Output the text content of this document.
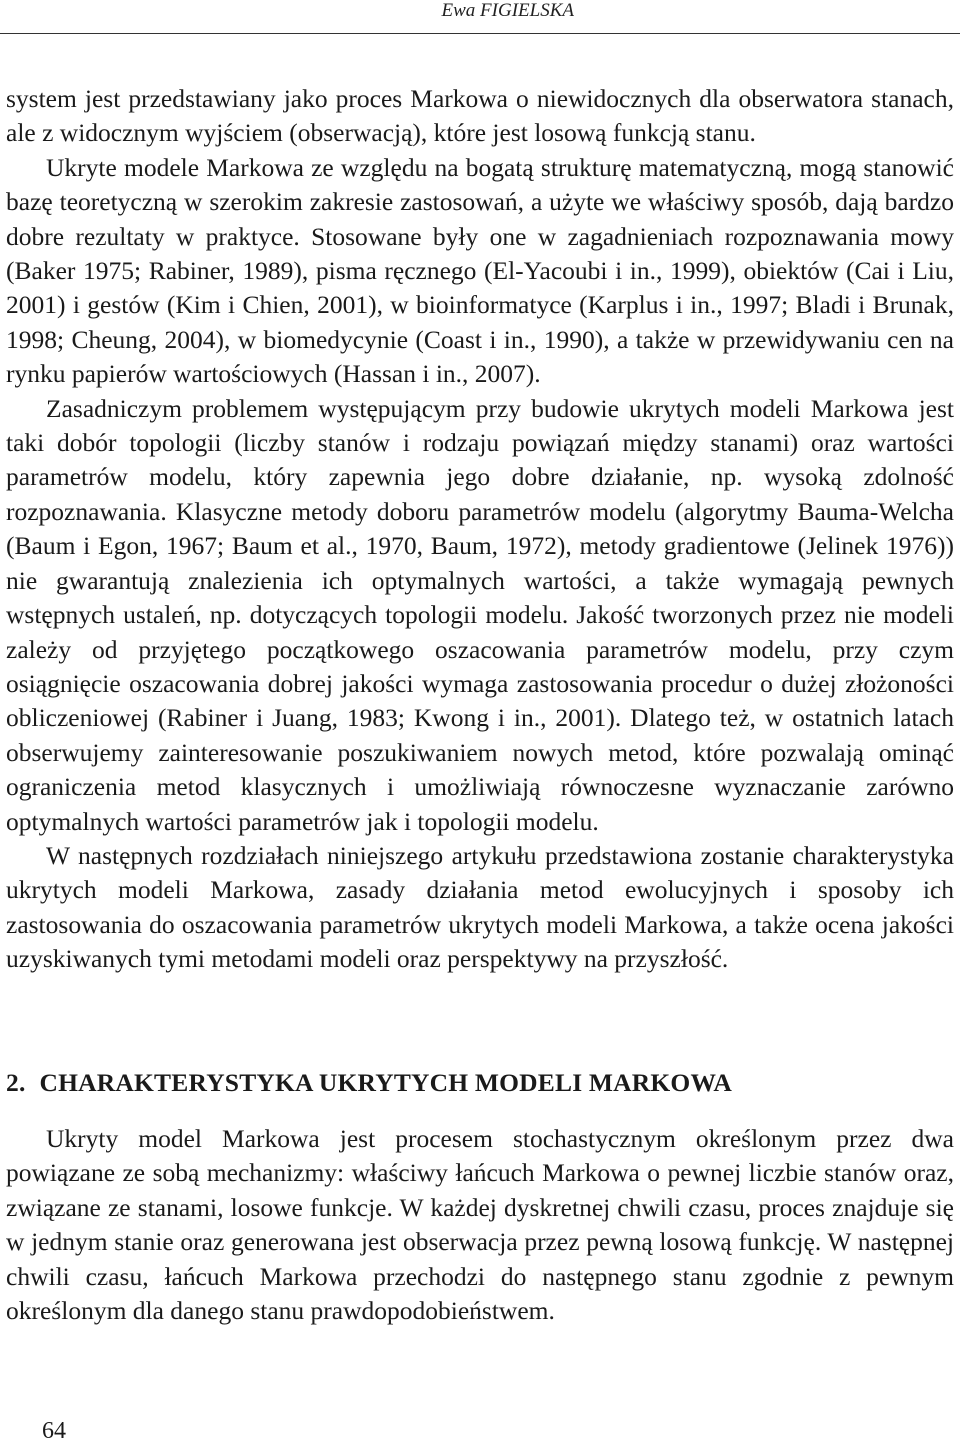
Ewa FIGIELSKA

system jest przedstawiany jako proces Markowa o niewidocznych dla obserwatora stanach, ale z widocznym wyjściem (obserwacją), które jest losową funkcją stanu.

Ukryte modele Markowa ze względu na bogatą strukturę matematyczną, mogą stanowić bazę teoretyczną w szerokim zakresie zastosowań, a użyte we właściwy sposób, dają bardzo dobre rezultaty w praktyce. Stosowane były one w zagadnieniach rozpoznawania mowy (Baker 1975; Rabiner, 1989), pisma ręcznego (El-Yacoubi i in., 1999), obiektów (Cai i Liu, 2001) i gestów (Kim i Chien, 2001), w bioinformatyce (Karplus i in., 1997; Bladi i Brunak, 1998; Cheung, 2004), w biomedycynie (Coast i in., 1990), a także w przewidywaniu cen na rynku papierów wartościowych (Hassan i in., 2007).

Zasadniczym problemem występującym przy budowie ukrytych modeli Markowa jest taki dobór topologii (liczby stanów i rodzaju powiązań między stanami) oraz wartości parametrów modelu, który zapewnia jego dobre działanie, np. wysoką zdolność rozpoznawania. Klasyczne metody doboru parametrów modelu (algorytmy Bauma-Welcha (Baum i Egon, 1967; Baum et al., 1970, Baum, 1972), metody gradientowe (Jelinek 1976)) nie gwarantują znalezienia ich optymalnych wartości, a także wymagają pewnych wstępnych ustaleń, np. dotyczących topologii modelu. Jakość tworzonych przez nie modeli zależy od przyjętego początkowego oszacowania parametrów modelu, przy czym osiągnięcie oszacowania dobrej jakości wymaga zastosowania procedur o dużej złożoności obliczeniowej (Rabiner i Juang, 1983; Kwong i in., 2001). Dlatego też, w ostatnich latach obserwujemy zainteresowanie poszukiwaniem nowych metod, które pozwalają ominąć ograniczenia metod klasycznych i umożliwiają równoczesne wyznaczanie zarówno optymalnych wartości parametrów jak i topologii modelu.

W następnych rozdziałach niniejszego artykułu przedstawiona zostanie charakterystyka ukrytych modeli Markowa, zasady działania metod ewolucyjnych i sposoby ich zastosowania do oszacowania parametrów ukrytych modeli Markowa, a także ocena jakości uzyskiwanych tymi metodami modeli oraz perspektywy na przyszłość.

2. CHARAKTERYSTYKA UKRYTYCH MODELI MARKOWA

Ukryty model Markowa jest procesem stochastycznym określonym przez dwa powiązane ze sobą mechanizmy: właściwy łańcuch Markowa o pewnej liczbie stanów oraz, związane ze stanami, losowe funkcje. W każdej dyskretnej chwili czasu, proces znajduje się w jednym stanie oraz generowana jest obserwacja przez pewną losową funkcję. W następnej chwili czasu, łańcuch Markowa przechodzi do następnego stanu zgodnie z pewnym określonym dla danego stanu prawdopodobieństwem.

64
